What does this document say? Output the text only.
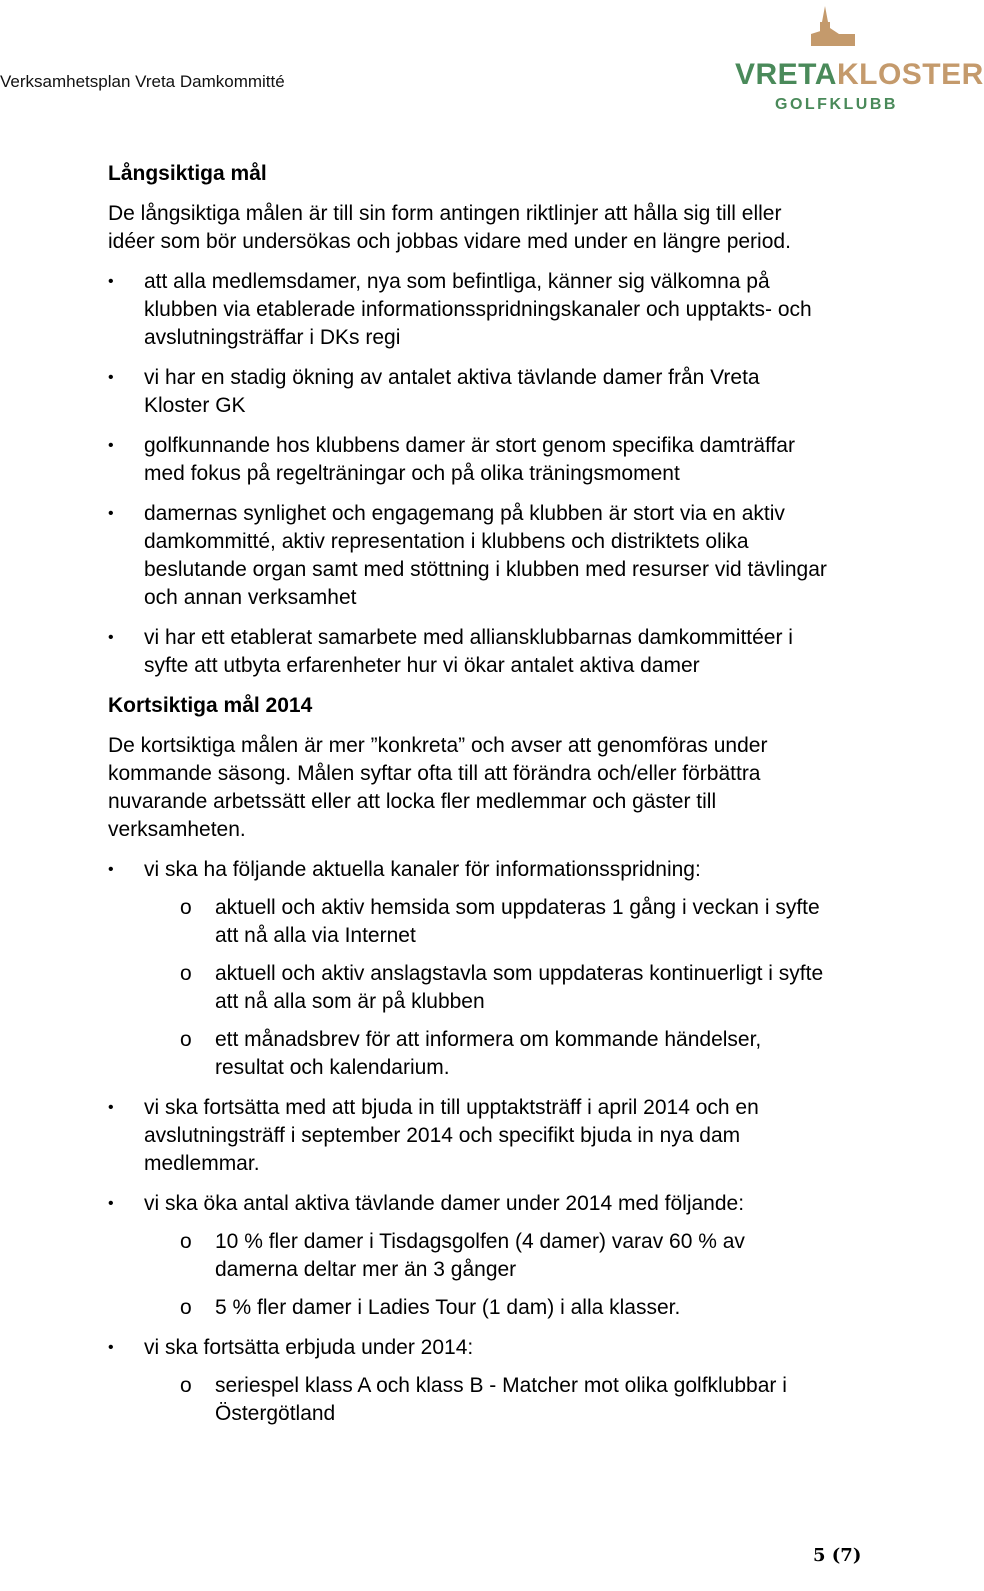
Verksamhetsplan Vreta Damkommitté	VRETAKLOSTER
GOLFKLUBB
Långsiktiga mål

De långsiktiga målen är till sin form antingen riktlinjer att hålla sig till eller idéer som bör undersökas och jobbas vidare med under en längre period.

• att alla medlemsdamer, nya som befintliga, känner sig välkomna på klubben via etablerade informationsspridningskanaler och upptakts- och avslutningsträffar i DKs regi
• vi har en stadig ökning av antalet aktiva tävlande damer från Vreta Kloster GK
• golfkunnande hos klubbens damer är stort genom specifika damträffar med fokus på regelträningar och på olika träningsmoment
• damernas synlighet och engagemang på klubben är stort via en aktiv damkommitté, aktiv representation i klubbens och distriktets olika beslutande organ samt med stöttning i klubben med resurser vid tävlingar och annan verksamhet
• vi har ett etablerat samarbete med alliansklubbarnas damkommittéer i syfte att utbyta erfarenheter hur vi ökar antalet aktiva damer
Kortsiktiga mål 2014

De kortsiktiga målen är mer ”konkreta” och avser att genomföras under kommande säsong. Målen syftar ofta till att förändra och/eller förbättra nuvarande arbetssätt eller att locka fler medlemmar och gäster till verksamheten.

• vi ska ha följande aktuella kanaler för informationsspridning:
o aktuell och aktiv hemsida som uppdateras 1 gång i veckan i syfte att nå alla via Internet
o aktuell och aktiv anslagstavla som uppdateras kontinuerligt i syfte att nå alla som är på klubben
o ett månadsbrev för att informera om kommande händelser, resultat och kalendarium.
• vi ska fortsätta med att bjuda in till upptaktsträff i april 2014 och en avslutningsträff i september 2014 och specifikt bjuda in nya dam medlemmar.
• vi ska öka antal aktiva tävlande damer under 2014 med följande:
o 10 % fler damer i Tisdagsgolfen (4 damer) varav 60 % av damerna deltar mer än 3 gånger
o 5 % fler damer i Ladies Tour (1 dam) i alla klasser.
• vi ska fortsätta erbjuda under 2014:
o seriespel klass A och klass B - Matcher mot olika golfklubbar i Östergötland
5 (7)
